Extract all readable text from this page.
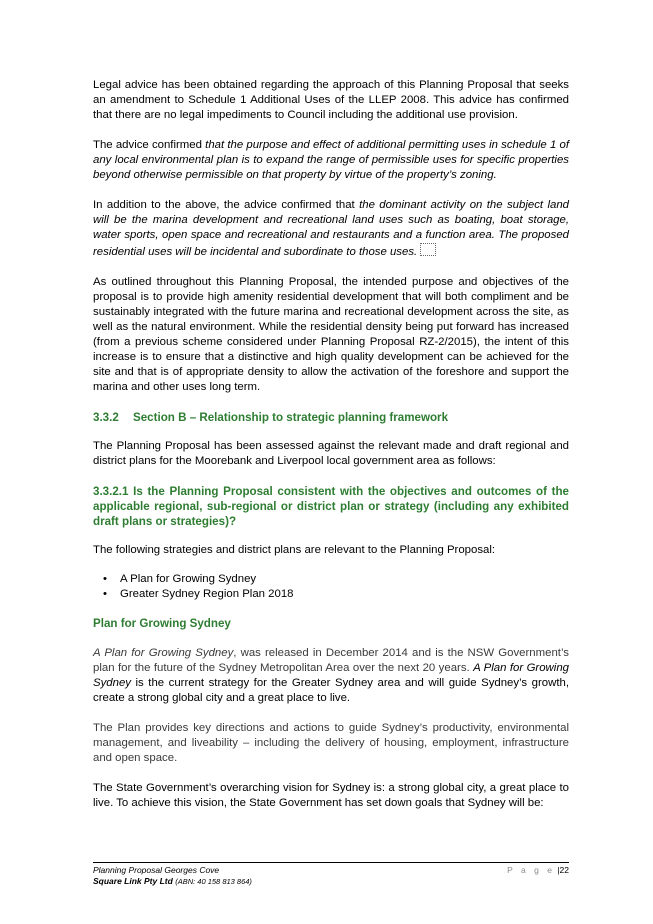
Legal advice has been obtained regarding the approach of this Planning Proposal that seeks an amendment to Schedule 1 Additional Uses of the LLEP 2008. This advice has confirmed that there are no legal impediments to Council including the additional use provision.

The advice confirmed that the purpose and effect of additional permitting uses in schedule 1 of any local environmental plan is to expand the range of permissible uses for specific properties beyond otherwise permissible on that property by virtue of the property’s zoning.

In addition to the above, the advice confirmed that the dominant activity on the subject land will be the marina development and recreational land uses such as boating, boat storage, water sports, open space and recreational and restaurants and a function area. The proposed residential uses will be incidental and subordinate to those uses.

As outlined throughout this Planning Proposal, the intended purpose and objectives of the proposal is to provide high amenity residential development that will both compliment and be sustainably integrated with the future marina and recreational development across the site, as well as the natural environment. While the residential density being put forward has increased (from a previous scheme considered under Planning Proposal RZ-2/2015), the intent of this increase is to ensure that a distinctive and high quality development can be achieved for the site and that is of appropriate density to allow the activation of the foreshore and support the marina and other uses long term.

3.3.2 Section B – Relationship to strategic planning framework

The Planning Proposal has been assessed against the relevant made and draft regional and district plans for the Moorebank and Liverpool local government area as follows:

3.3.2.1 Is the Planning Proposal consistent with the objectives and outcomes of the applicable regional, sub-regional or district plan or strategy (including any exhibited draft plans or strategies)?

The following strategies and district plans are relevant to the Planning Proposal:

• A Plan for Growing Sydney
• Greater Sydney Region Plan 2018
Plan for Growing Sydney

A Plan for Growing Sydney, was released in December 2014 and is the NSW Government’s plan for the future of the Sydney Metropolitan Area over the next 20 years. A Plan for Growing Sydney is the current strategy for the Greater Sydney area and will guide Sydney’s growth, create a strong global city and a great place to live.

The Plan provides key directions and actions to guide Sydney’s productivity, environmental management, and liveability – including the delivery of housing, employment, infrastructure and open space.

The State Government’s overarching vision for Sydney is: a strong global city, a great place to live. To achieve this vision, the State Government has set down goals that Sydney will be:

Planning Proposal Georges Cove
Square Link Pty Ltd (ABN: 40 158 813 864)
P a g e |22
